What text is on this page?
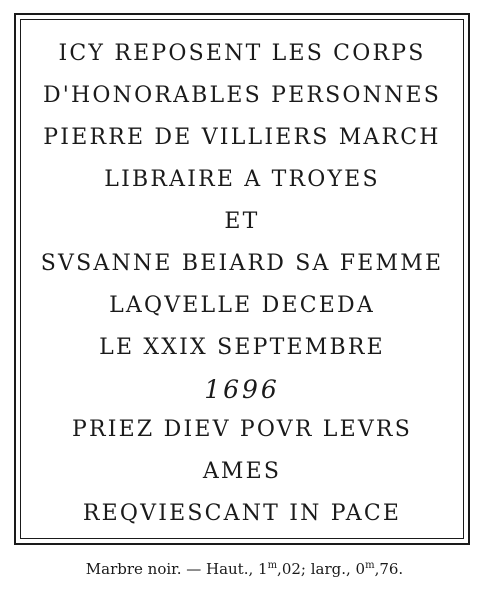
ICY REPOSENT LES CORPS
D'HONORABLES PERSONNES
PIERRE DE VILLIERS MARCH
LIBRAIRE A TROYES
ET
SVSANNE BEIARD SA FEMME
LAQVELLE DECEDA
LE XXIX SEPTEMBRE
1696
PRIEZ DIEV POVR LEVRS
AMES
REQVIESCANT IN PACE
Marbre noir. — Haut., 1$^m$,02; larg., 0$^m$,76.
